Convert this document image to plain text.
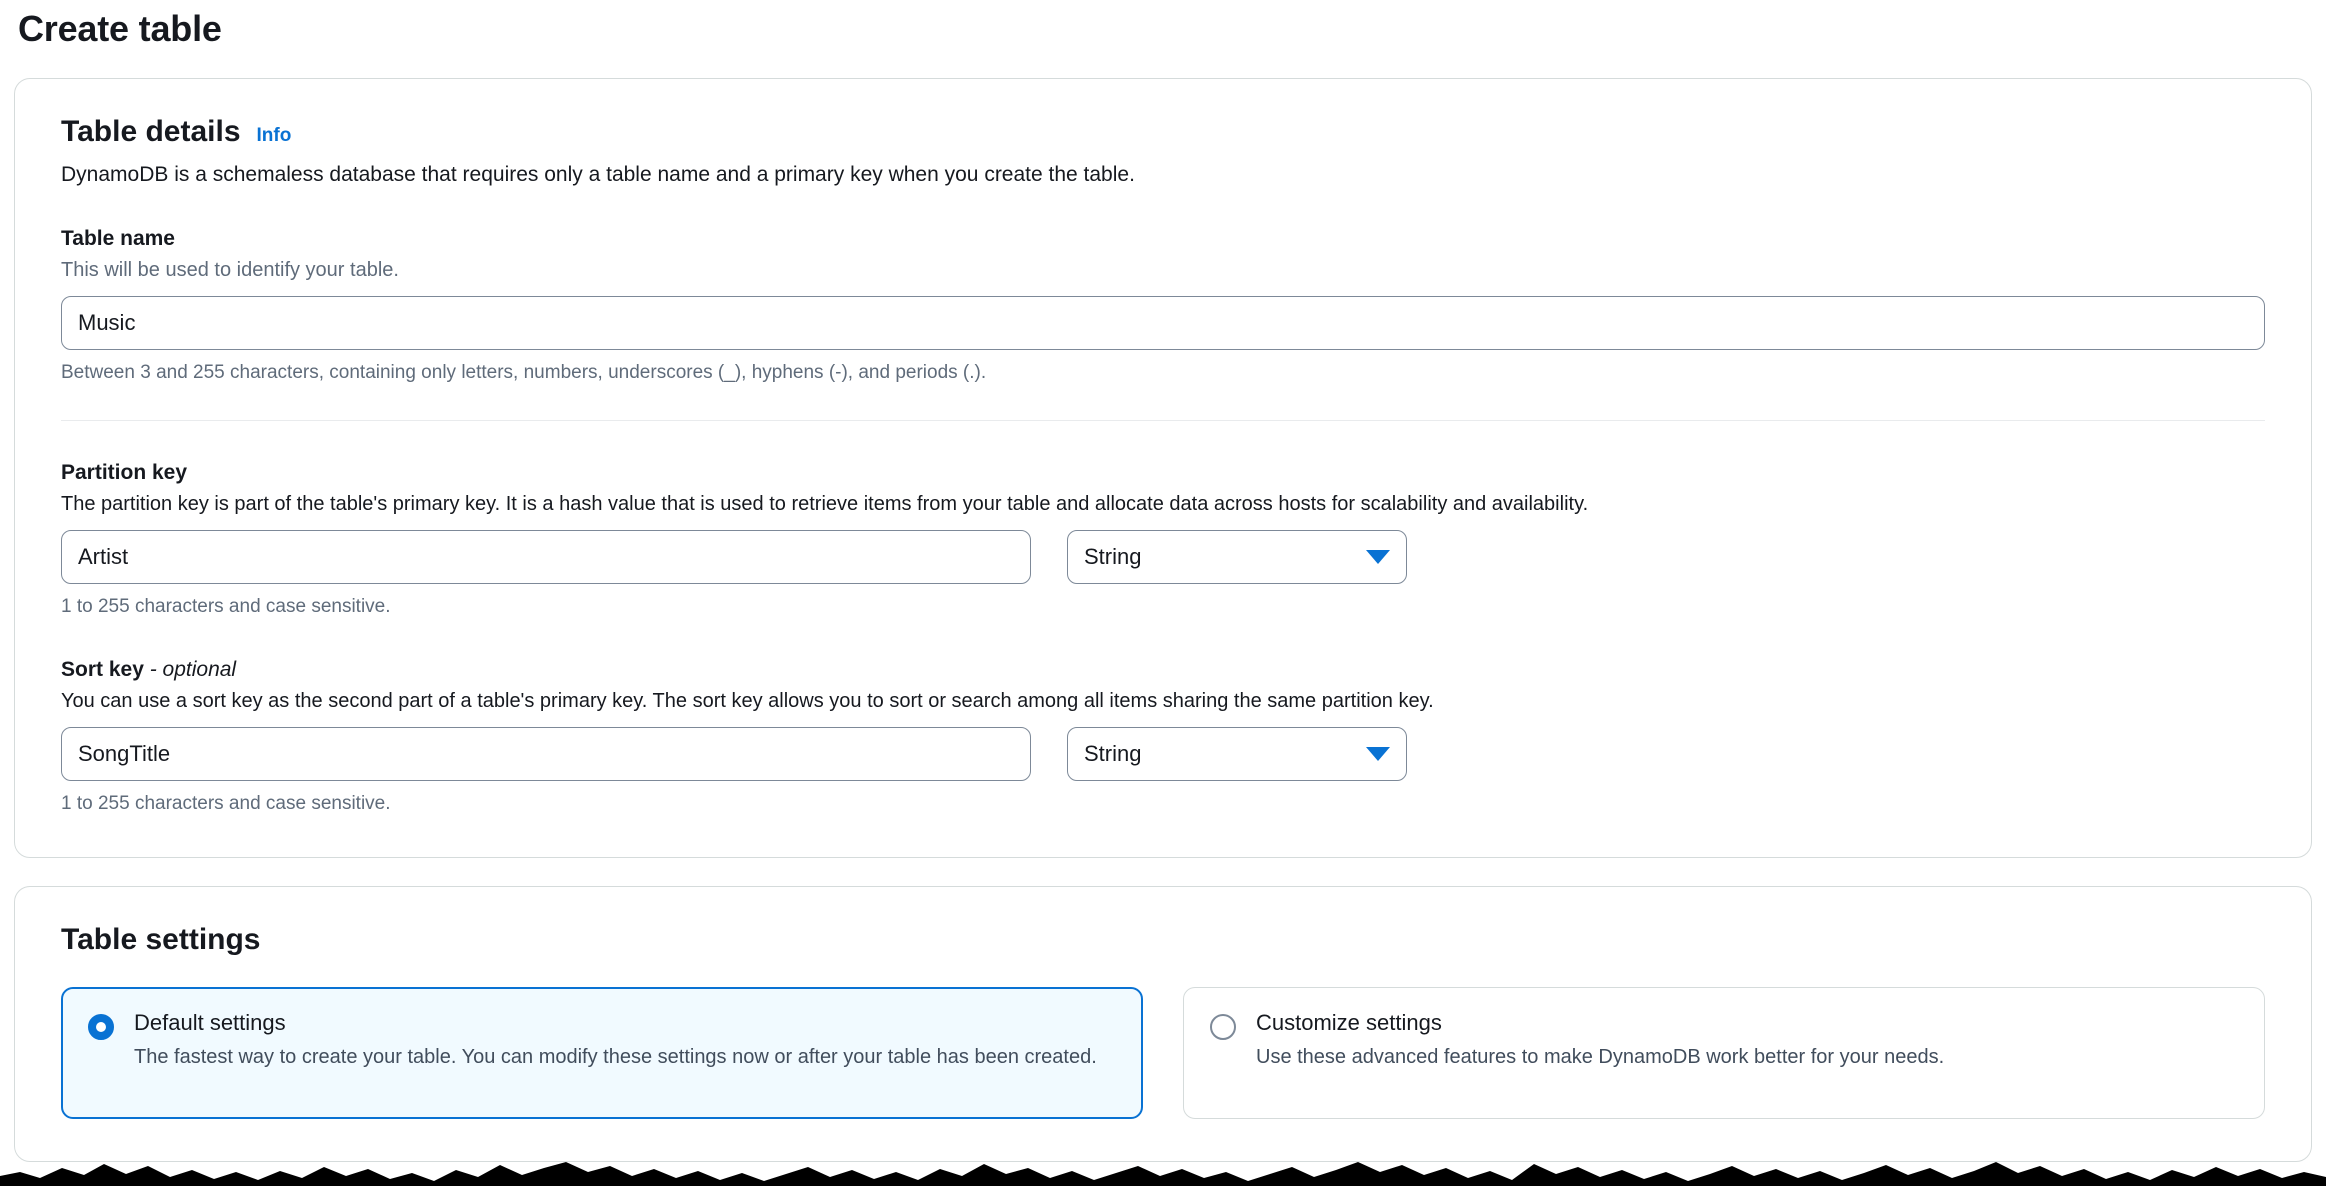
Create table
Table details Info
DynamoDB is a schemaless database that requires only a table name and a primary key when you create the table.
Table name
This will be used to identify your table.
Music
Between 3 and 255 characters, containing only letters, numbers, underscores (_), hyphens (-), and periods (.).
Partition key
The partition key is part of the table's primary key. It is a hash value that is used to retrieve items from your table and allocate data across hosts for scalability and availability.
Artist
String
1 to 255 characters and case sensitive.
Sort key - optional
You can use a sort key as the second part of a table's primary key. The sort key allows you to sort or search among all items sharing the same partition key.
SongTitle
String
1 to 255 characters and case sensitive.
Table settings
Default settings
The fastest way to create your table. You can modify these settings now or after your table has been created.
Customize settings
Use these advanced features to make DynamoDB work better for your needs.
